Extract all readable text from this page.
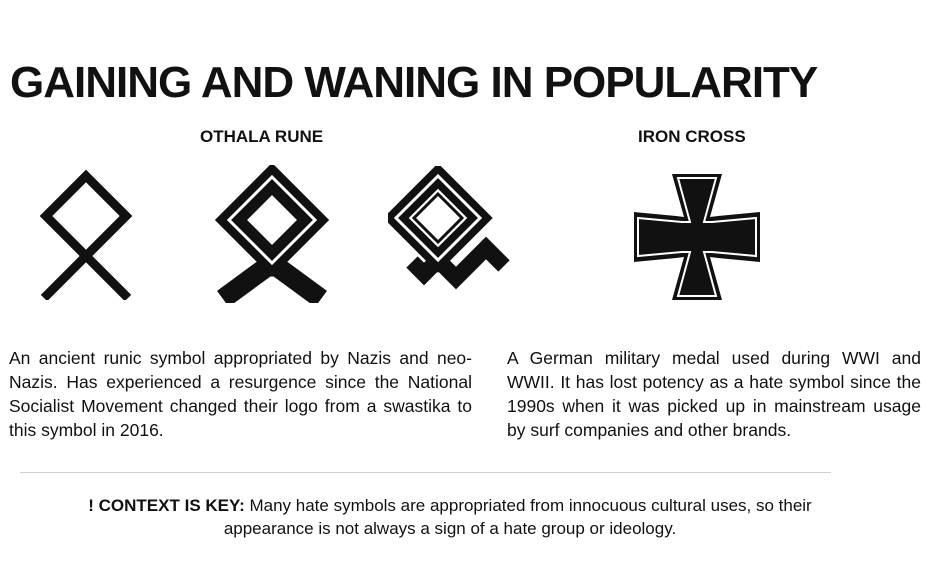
GAINING AND WANING IN POPULARITY
OTHALA RUNE	IRON CROSS
An ancient runic symbol appropriated by Nazis and neo-Nazis. Has experienced a resurgence since the National Socialist Movement changed their logo from a swastika to this symbol in 2016.
A German military medal used during WWI and WWII. It has lost potency as a hate symbol since the 1990s when it was picked up in mainstream usage by surf companies and other brands.
! CONTEXT IS KEY: Many hate symbols are appropriated from innocuous cultural uses, so their appearance is not always a sign of a hate group or ideology.
